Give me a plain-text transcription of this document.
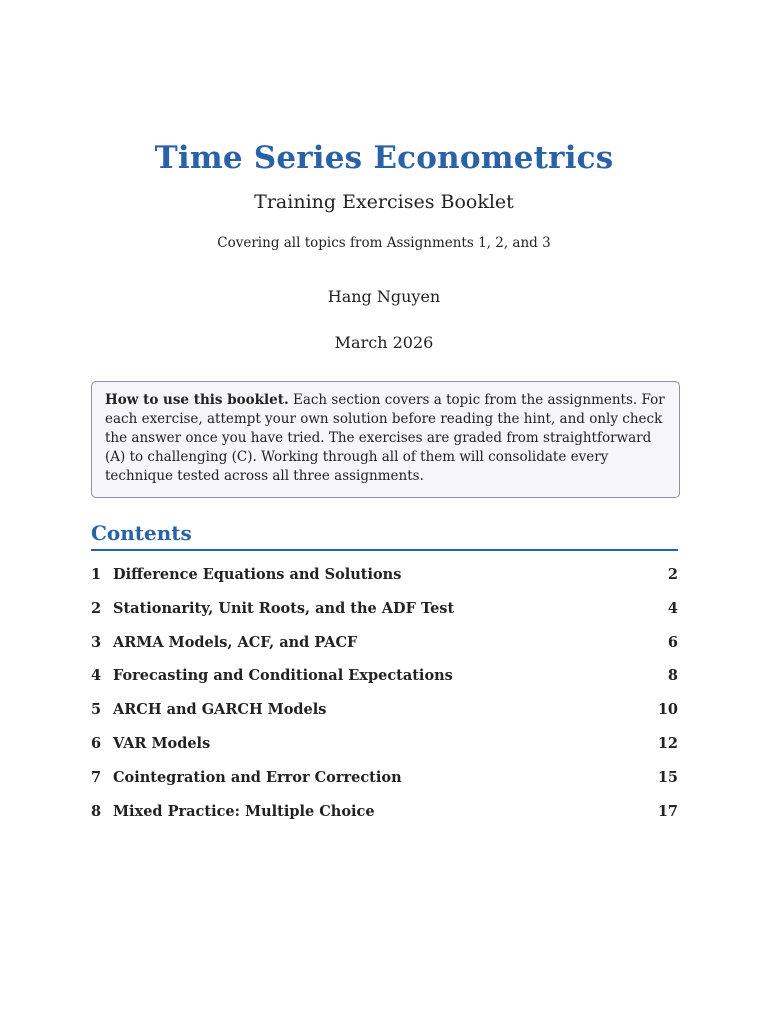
Time Series Econometrics
Training Exercises Booklet
Covering all topics from Assignments 1, 2, and 3
Hang Nguyen
March 2026
How to use this booklet. Each section covers a topic from the assignments. For each exercise, attempt your own solution before reading the hint, and only check the answer once you have tried. The exercises are graded from straightforward (A) to challenging (C). Working through all of them will consolidate every technique tested across all three assignments.
Contents
1 Difference Equations and Solutions	2
2 Stationarity, Unit Roots, and the ADF Test	4
3 ARMA Models, ACF, and PACF	6
4 Forecasting and Conditional Expectations	8
5 ARCH and GARCH Models	10
6 VAR Models	12
7 Cointegration and Error Correction	15
8 Mixed Practice: Multiple Choice	17
